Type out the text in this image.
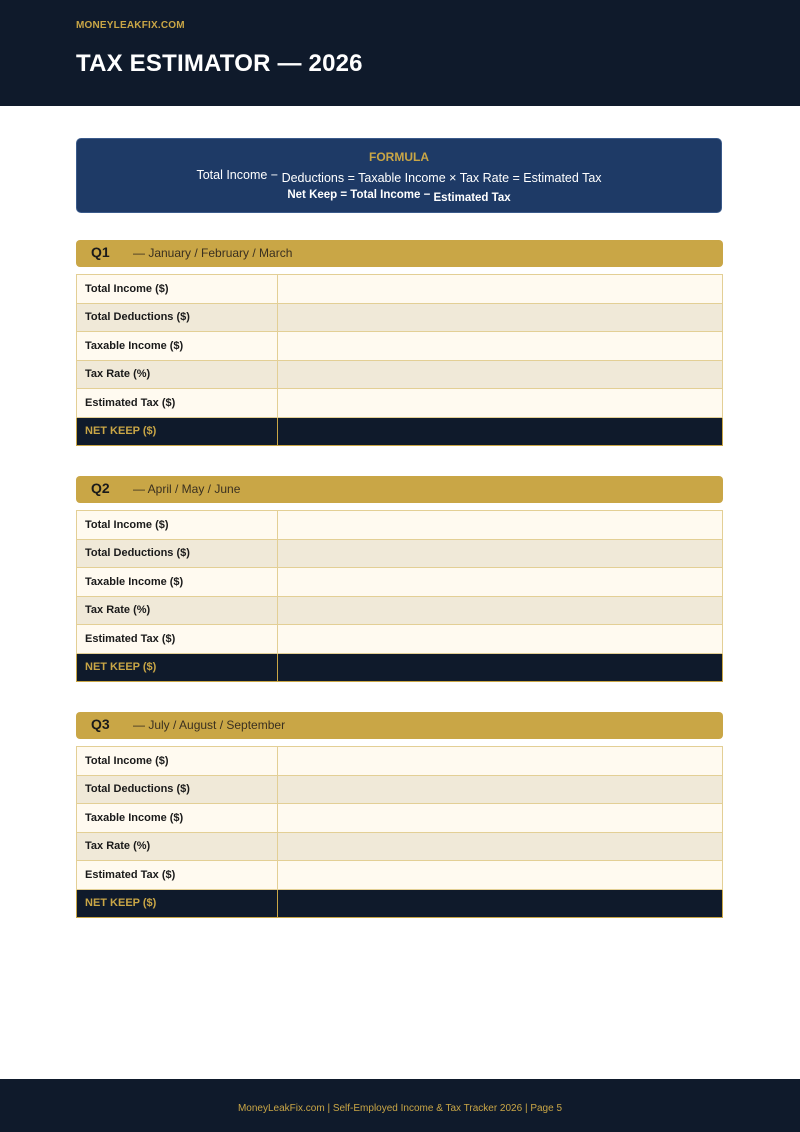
MONEYLEAKFIX.COM
TAX ESTIMATOR — 2026
FORMULA
Total Income − Deductions = Taxable Income × Tax Rate = Estimated Tax
Net Keep = Total Income − Estimated Tax
Q1 — January / February / March
Total Income ($)	
Total Deductions ($)	
Taxable Income ($)	
Tax Rate (%)	
Estimated Tax ($)	
NET KEEP ($)	
Q2 — April / May / June
Total Income ($)	
Total Deductions ($)	
Taxable Income ($)	
Tax Rate (%)	
Estimated Tax ($)	
NET KEEP ($)	
Q3 — July / August / September
Total Income ($)	
Total Deductions ($)	
Taxable Income ($)	
Tax Rate (%)	
Estimated Tax ($)	
NET KEEP ($)	
MoneyLeakFix.com | Self-Employed Income & Tax Tracker 2026 | Page 5
